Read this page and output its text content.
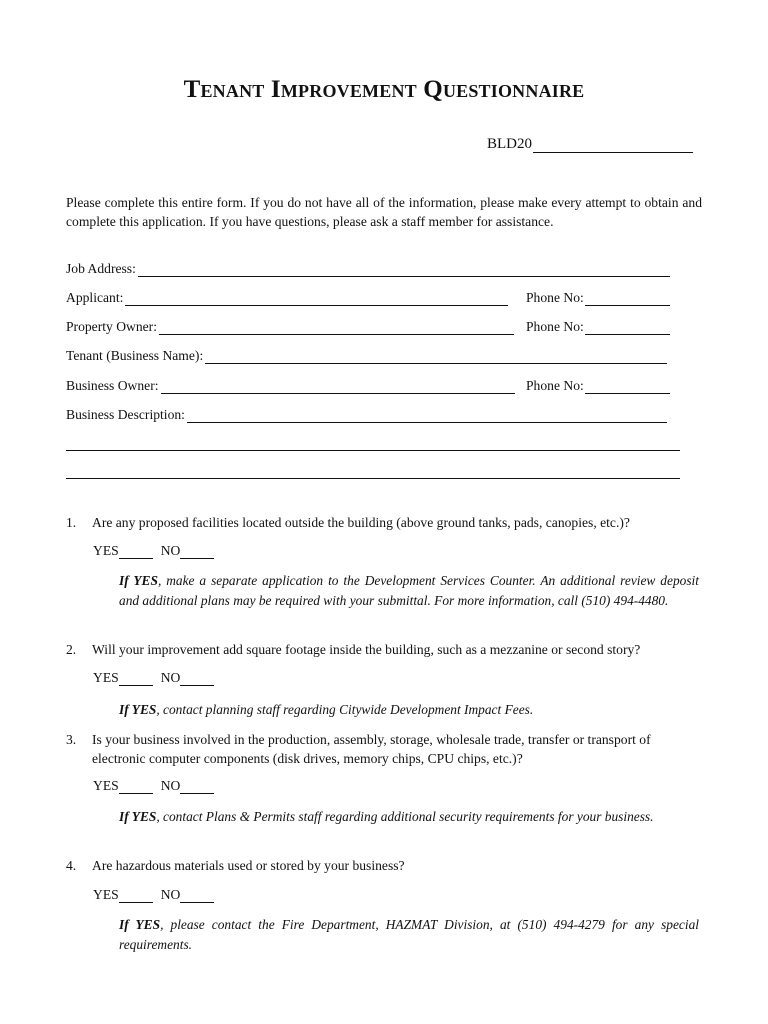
Tenant Improvement Questionnaire
BLD20
Please complete this entire form. If you do not have all of the information, please make every attempt to obtain and complete this application. If you have questions, please ask a staff member for assistance.
Job Address:
Applicant:	Phone No:
Property Owner:	Phone No:
Tenant (Business Name):
Business Owner:	Phone No:
Business Description:
1. Are any proposed facilities located outside the building (above ground tanks, pads, canopies, etc.)?
YES	NO
If YES, make a separate application to the Development Services Counter. An additional review deposit and additional plans may be required with your submittal. For more information, call (510) 494-4480.
2. Will your improvement add square footage inside the building, such as a mezzanine or second story?
YES	NO
If YES, contact planning staff regarding Citywide Development Impact Fees.
3. Is your business involved in the production, assembly, storage, wholesale trade, transfer or transport of electronic computer components (disk drives, memory chips, CPU chips, etc.)?
YES	NO
If YES, contact Plans & Permits staff regarding additional security requirements for your business.
4. Are hazardous materials used or stored by your business?
YES	NO
If YES, please contact the Fire Department, HAZMAT Division, at (510) 494-4279 for any special requirements.
